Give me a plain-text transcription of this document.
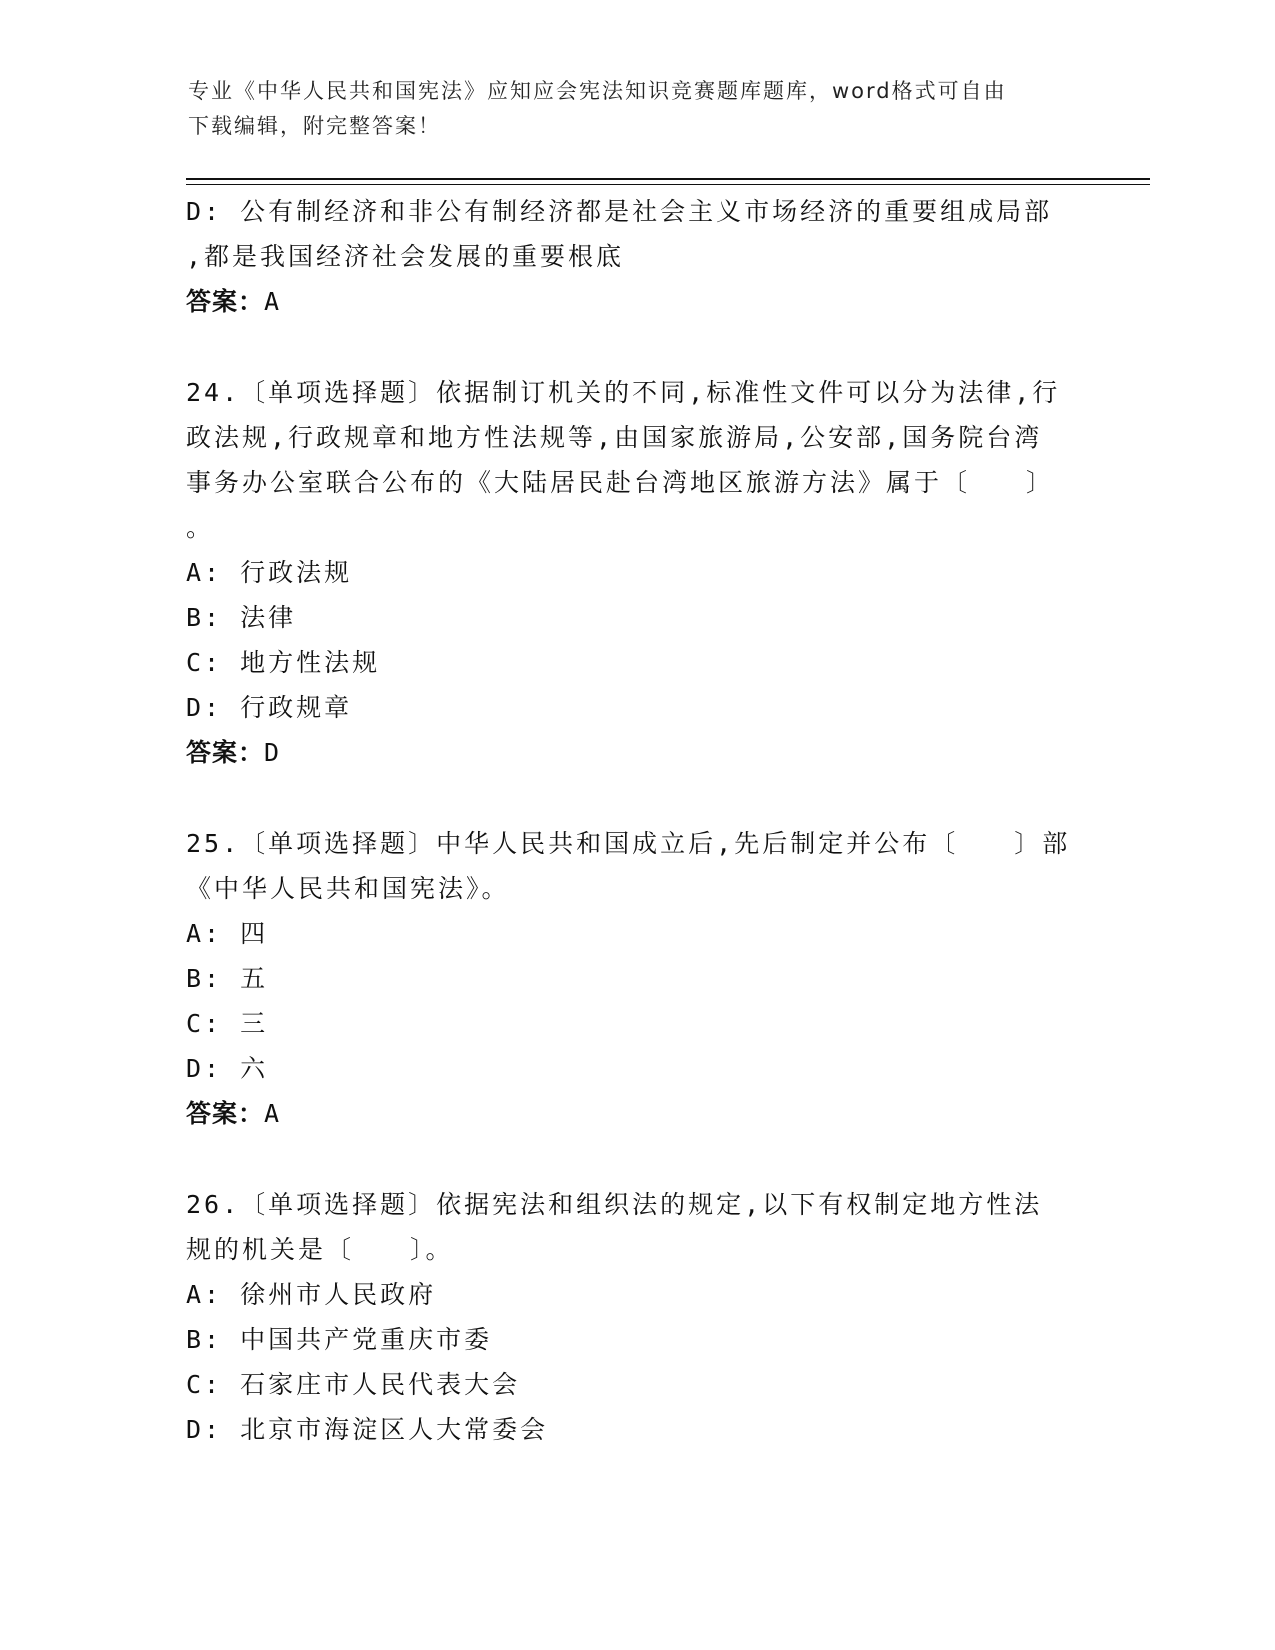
专业《中华人民共和国宪法》应知应会宪法知识竞赛题库题库，word格式可自由
下载编辑，附完整答案！
D: 公有制经济和非公有制经济都是社会主义市场经济的重要组成局部
,都是我国经济社会发展的重要根底
答案：A
24.〔单项选择题〕依据制订机关的不同,标准性文件可以分为法律,行
政法规,行政规章和地方性法规等,由国家旅游局,公安部,国务院台湾
事务办公室联合公布的《大陆居民赴台湾地区旅游方法》属于〔　　〕
。
A: 行政法规
B: 法律
C: 地方性法规
D: 行政规章
答案：D
25.〔单项选择题〕中华人民共和国成立后,先后制定并公布〔　　〕部
《中华人民共和国宪法》。
A: 四
B: 五
C: 三
D: 六
答案：A
26.〔单项选择题〕依据宪法和组织法的规定,以下有权制定地方性法
规的机关是〔　　〕。
A: 徐州市人民政府
B: 中国共产党重庆市委
C: 石家庄市人民代表大会
D: 北京市海淀区人大常委会
